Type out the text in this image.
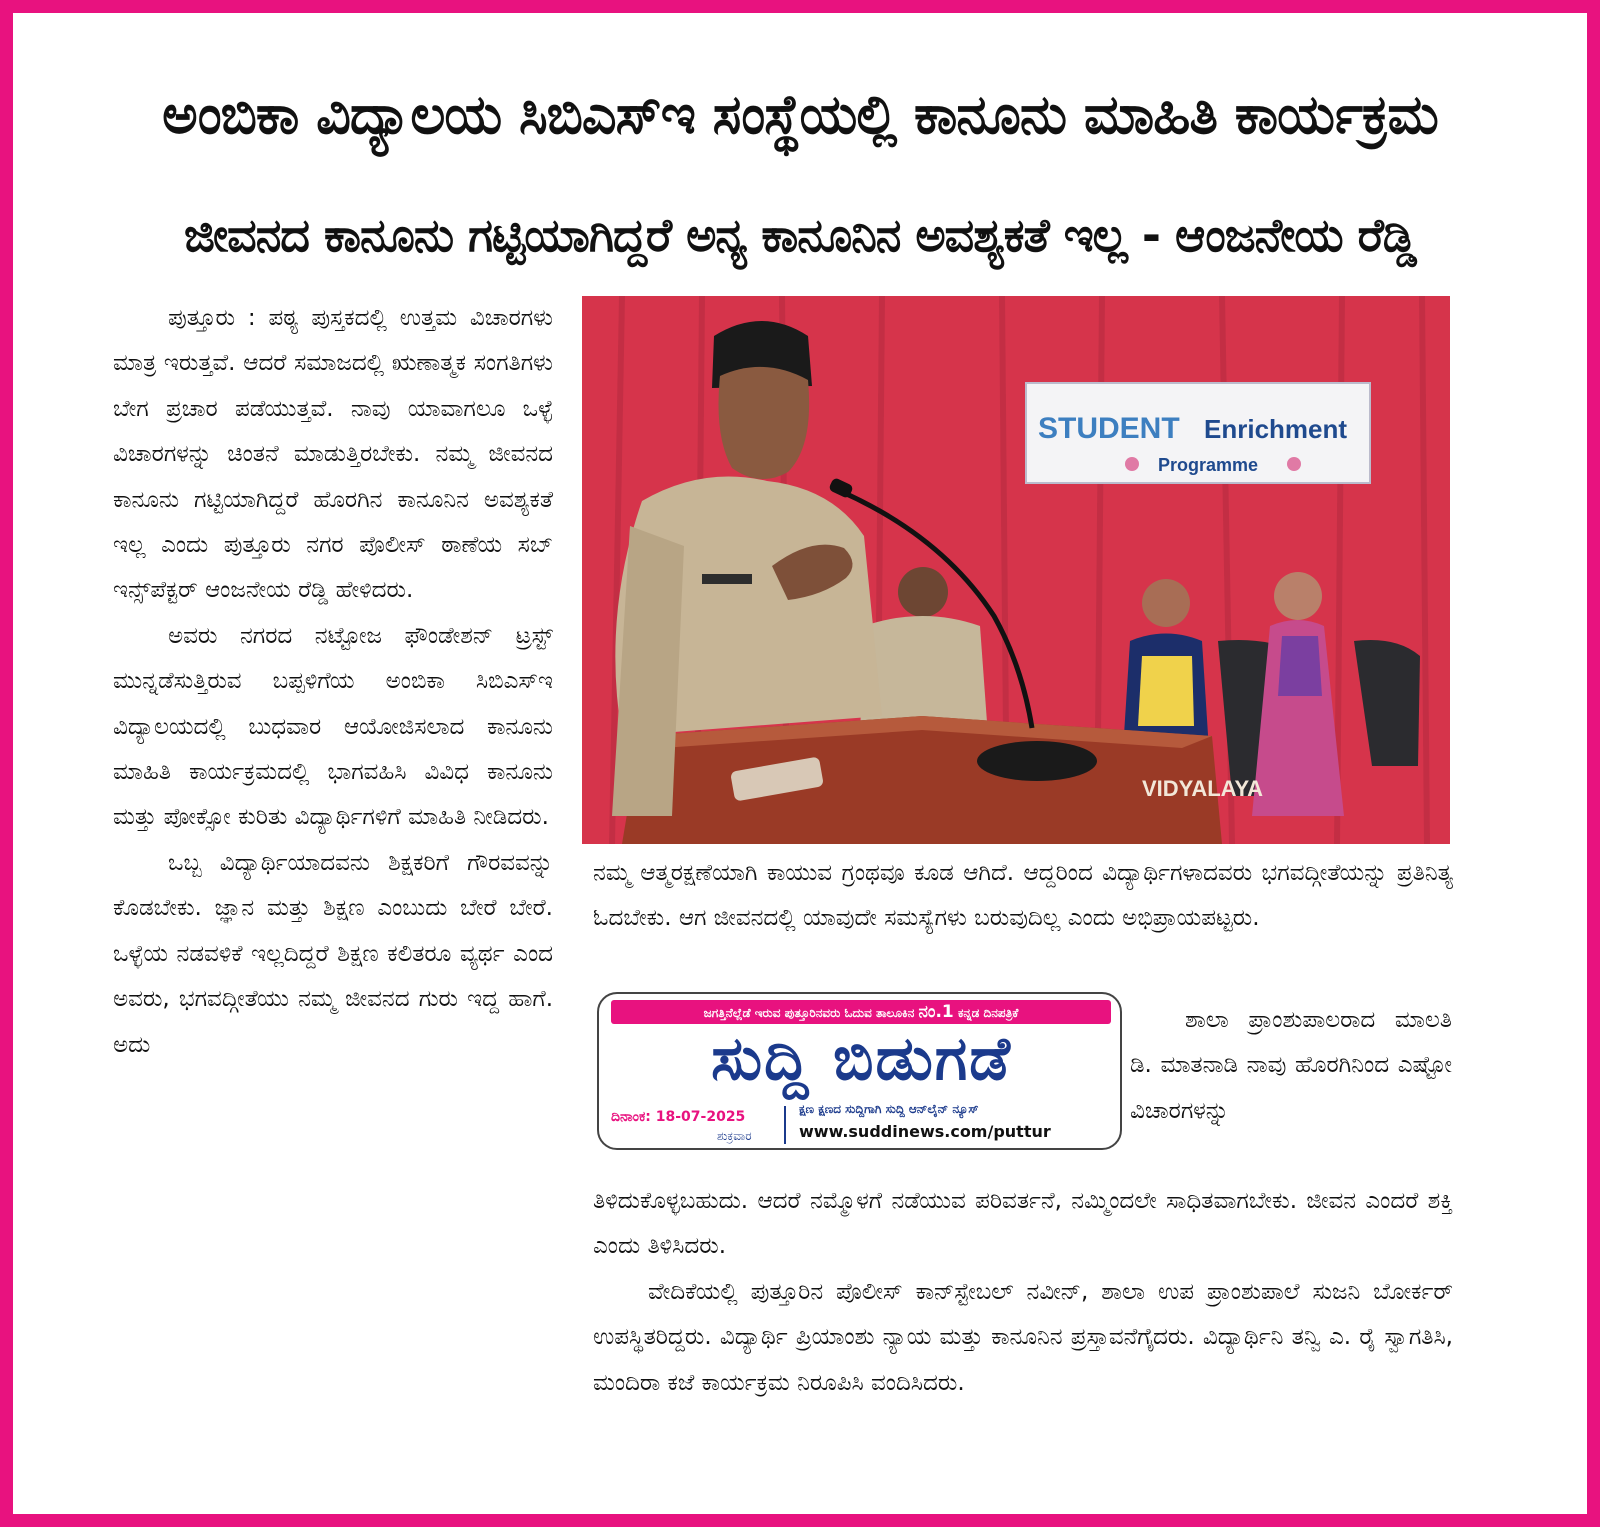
ಅಂಬಿಕಾ ವಿದ್ಯಾಲಯ ಸಿಬಿಎಸ್‌ಇ ಸಂಸ್ಥೆಯಲ್ಲಿ ಕಾನೂನು ಮಾಹಿತಿ ಕಾರ್ಯಕ್ರಮ
ಜೀವನದ ಕಾನೂನು ಗಟ್ಟಿಯಾಗಿದ್ದರೆ ಅನ್ಯ ಕಾನೂನಿನ ಅವಶ್ಯಕತೆ ಇಲ್ಲ - ಆಂಜನೇಯ ರೆಡ್ಡಿ

ಪುತ್ತೂರು : ಪಠ್ಯ ಪುಸ್ತಕದಲ್ಲಿ ಉತ್ತಮ ವಿಚಾರಗಳು ಮಾತ್ರ ಇರುತ್ತವೆ. ಆದರೆ ಸಮಾಜದಲ್ಲಿ ಋಣಾತ್ಮಕ ಸಂಗತಿಗಳು ಬೇಗ ಪ್ರಚಾರ ಪಡೆಯುತ್ತವೆ. ನಾವು ಯಾವಾಗಲೂ ಒಳ್ಳೆ ವಿಚಾರಗಳನ್ನು ಚಿಂತನೆ ಮಾಡುತ್ತಿರಬೇಕು. ನಮ್ಮ ಜೀವನದ ಕಾನೂನು ಗಟ್ಟಿಯಾಗಿದ್ದರೆ ಹೊರಗಿನ ಕಾನೂನಿನ ಅವಶ್ಯಕತೆ ಇಲ್ಲ ಎಂದು ಪುತ್ತೂರು ನಗರ ಪೊಲೀಸ್ ಠಾಣೆಯ ಸಬ್ ಇನ್ಸ್‌ಪೆಕ್ಟರ್ ಆಂಜನೇಯ ರೆಡ್ಡಿ ಹೇಳಿದರು.

ಅವರು ನಗರದ ನಟ್ಟೋಜ ಫೌಂಡೇಶನ್ ಟ್ರಸ್ಟ್ ಮುನ್ನಡೆಸುತ್ತಿರುವ ಬಪ್ಪಳಿಗೆಯ ಅಂಬಿಕಾ ಸಿಬಿಎಸ್‌ಇ ವಿದ್ಯಾಲಯದಲ್ಲಿ ಬುಧವಾರ ಆಯೋಜಿಸಲಾದ ಕಾನೂನು ಮಾಹಿತಿ ಕಾರ್ಯಕ್ರಮದಲ್ಲಿ ಭಾಗವಹಿಸಿ ವಿವಿಧ ಕಾನೂನು ಮತ್ತು ಪೋಕ್ಸೋ ಕುರಿತು ವಿದ್ಯಾರ್ಥಿಗಳಿಗೆ ಮಾಹಿತಿ ನೀಡಿದರು.

ಒಬ್ಬ ವಿದ್ಯಾರ್ಥಿಯಾದವನು ಶಿಕ್ಷಕರಿಗೆ ಗೌರವವನ್ನು ಕೊಡಬೇಕು. ಜ್ಞಾನ ಮತ್ತು ಶಿಕ್ಷಣ ಎಂಬುದು ಬೇರೆ ಬೇರೆ. ಒಳ್ಳೆಯ ನಡವಳಿಕೆ ಇಲ್ಲದಿದ್ದರೆ ಶಿಕ್ಷಣ ಕಲಿತರೂ ವ್ಯರ್ಥ ಎಂದ ಅವರು, ಭಗವದ್ಗೀತೆಯು ನಮ್ಮ ಜೀವನದ ಗುರು ಇದ್ದ ಹಾಗೆ. ಅದು

STUDENT Enrichment
Programme
VIDYALAYA

ನಮ್ಮ ಆತ್ಮರಕ್ಷಣೆಯಾಗಿ ಕಾಯುವ ಗ್ರಂಥವೂ ಕೂಡ ಆಗಿದೆ. ಆದ್ದರಿಂದ ವಿದ್ಯಾರ್ಥಿಗಳಾದವರು ಭಗವದ್ಗೀತೆಯನ್ನು ಪ್ರತಿನಿತ್ಯ ಓದಬೇಕು. ಆಗ ಜೀವನದಲ್ಲಿ ಯಾವುದೇ ಸಮಸ್ಯೆಗಳು ಬರುವುದಿಲ್ಲ ಎಂದು ಅಭಿಪ್ರಾಯಪಟ್ಟರು.

ಜಗತ್ತಿನೆಲ್ಲೆಡೆ ಇರುವ ಪುತ್ತೂರಿನವರು ಓದುವ ತಾಲೂಕಿನ ನಂ.1 ಕನ್ನಡ ದಿನಪತ್ರಿಕೆ
ಸುದ್ದಿ ಬಿಡುಗಡೆ
ದಿನಾಂಕ: 18-07-2025
ಶುಕ್ರವಾರ
ಕ್ಷಣ ಕ್ಷಣದ ಸುದ್ದಿಗಾಗಿ ಸುದ್ದಿ ಆನ್‌ಲೈನ್ ನ್ಯೂಸ್
www.suddinews.com/puttur

ಶಾಲಾ ಪ್ರಾಂಶುಪಾಲರಾದ ಮಾಲತಿ ಡಿ. ಮಾತನಾಡಿ ನಾವು ಹೊರಗಿನಿಂದ ಎಷ್ಟೋ ವಿಚಾರಗಳನ್ನು

ತಿಳಿದುಕೊಳ್ಳಬಹುದು. ಆದರೆ ನಮ್ಮೊಳಗೆ ನಡೆಯುವ ಪರಿವರ್ತನೆ, ನಮ್ಮಿಂದಲೇ ಸಾಧಿತವಾಗಬೇಕು. ಜೀವನ ಎಂದರೆ ಶಕ್ತಿ ಎಂದು ತಿಳಿಸಿದರು.

ವೇದಿಕೆಯಲ್ಲಿ ಪುತ್ತೂರಿನ ಪೊಲೀಸ್ ಕಾನ್‌ಸ್ಟೇಬಲ್ ನವೀನ್, ಶಾಲಾ ಉಪ ಪ್ರಾಂಶುಪಾಲೆ ಸುಜನಿ ಬೋರ್ಕರ್ ಉಪಸ್ಥಿತರಿದ್ದರು. ವಿದ್ಯಾರ್ಥಿ ಪ್ರಿಯಾಂಶು ನ್ಯಾಯ ಮತ್ತು ಕಾನೂನಿನ ಪ್ರಸ್ತಾವನೆಗೈದರು. ವಿದ್ಯಾರ್ಥಿನಿ ತನ್ವಿ ಎ. ರೈ ಸ್ವಾಗತಿಸಿ, ಮಂದಿರಾ ಕಜೆ ಕಾರ್ಯಕ್ರಮ ನಿರೂಪಿಸಿ ವಂದಿಸಿದರು.
